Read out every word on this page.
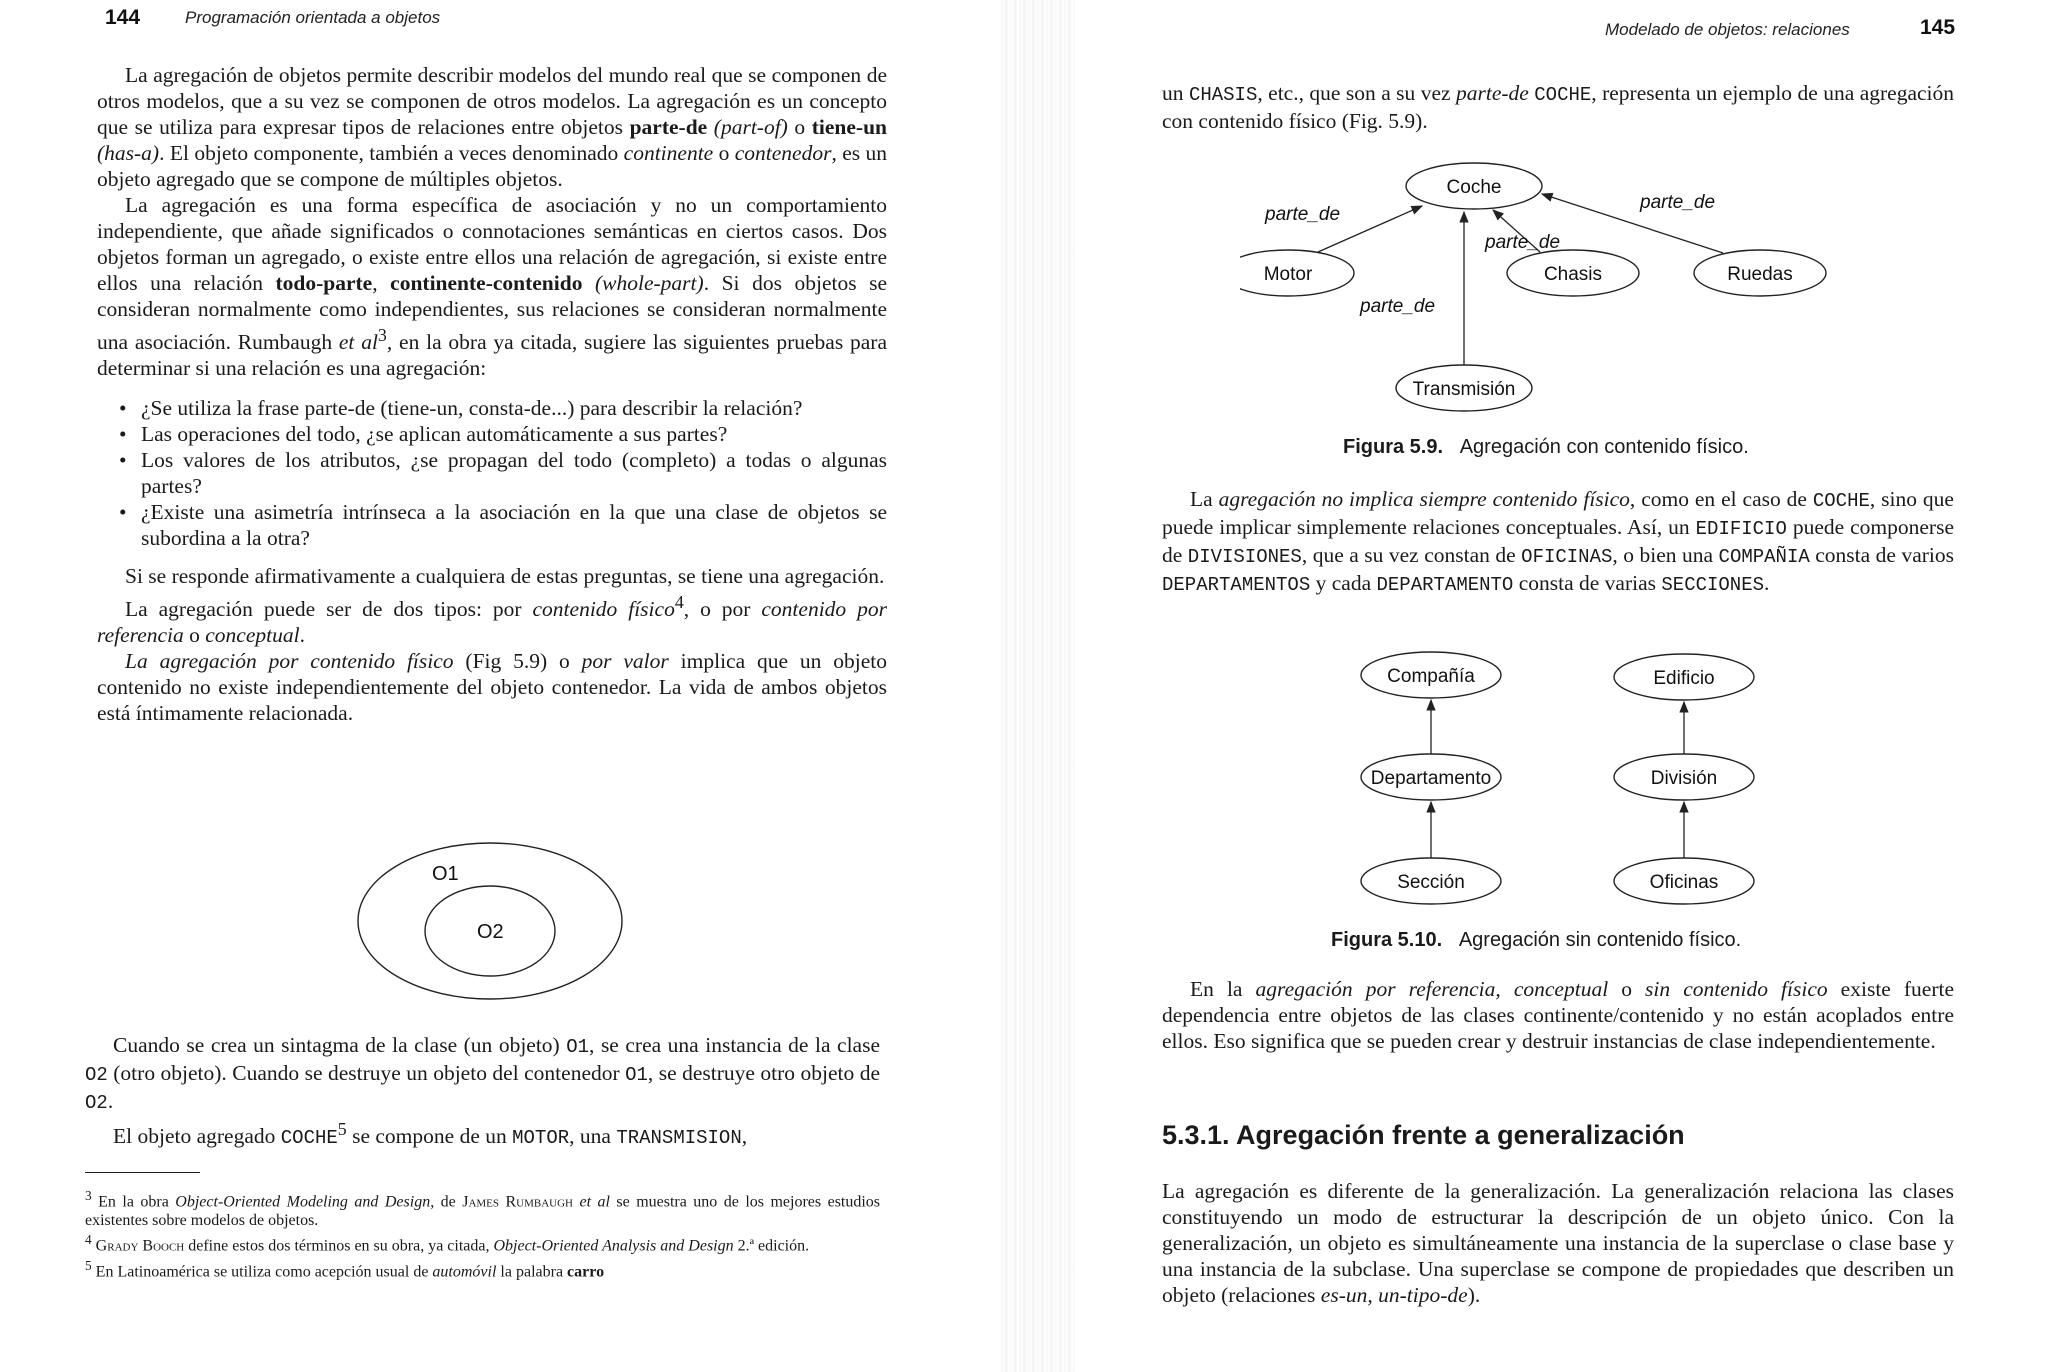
144	Programación orientada a objetos

La agregación de objetos permite describir modelos del mundo real que se componen de otros modelos, que a su vez se componen de otros modelos. La agregación es un concepto que se utiliza para expresar tipos de relaciones entre objetos parte-de (part-of) o tiene-un (has-a). El objeto componente, también a veces denominado continente o contenedor, es un objeto agregado que se compone de múltiples objetos.

La agregación es una forma específica de asociación y no un comportamiento independiente, que añade significados o connotaciones semánticas en ciertos casos. Dos objetos forman un agregado, o existe entre ellos una relación de agregación, si existe entre ellos una relación todo-parte, continente-contenido (whole-part). Si dos objetos se consideran normalmente como independientes, sus relaciones se consideran normalmente una asociación. Rumbaugh et $al^3$, en la obra ya citada, sugiere las siguientes pruebas para determinar si una relación es una agregación:

• ¿Se utiliza la frase parte-de (tiene-un, consta-de...) para describir la relación?
• Las operaciones del todo, ¿se aplican automáticamente a sus partes?
• Los valores de los atributos, ¿se propagan del todo (completo) a todas o algunas partes?
• ¿Existe una asimetría intrínseca a la asociación en la que una clase de objetos se subordina a la otra?

Si se responde afirmativamente a cualquiera de estas preguntas, se tiene una agregación.

La agregación puede ser de dos tipos: por contenido físico$^4$, o por contenido por referencia o conceptual.

La agregación por contenido físico (Fig 5.9) o por valor implica que un objeto contenido no existe independientemente del objeto contenedor. La vida de ambos objetos está íntimamente relacionada.

O1
O2

Cuando se crea un sintagma de la clase (un objeto) O1, se crea una instancia de la clase O2 (otro objeto). Cuando se destruye un objeto del contenedor O1, se destruye otro objeto de O2.

El objeto agregado COCHE$^5$ se compone de un MOTOR, una TRANSMISION,

$^3$ En la obra Object-Oriented Modeling and Design, de James Rumbaugh et al se muestra uno de los mejores estudios existentes sobre modelos de objetos.

$^4$ Grady Booch define estos dos términos en su obra, ya citada, Object-Oriented Analysis and Design 2.ª edición.

$^5$ En Latinoamérica se utiliza como acepción usual de automóvil la palabra carro

Modelado de objetos: relaciones	145

un CHASIS, etc., que son a su vez parte-de COCHE, representa un ejemplo de una agregación con contenido físico (Fig. 5.9).

Coche
Motor	Chasis	Ruedas
Transmisión
parte_de
parte_de
parte_de
parte_de
Figura 5.9. Agregación con contenido físico.

La agregación no implica siempre contenido físico, como en el caso de COCHE, sino que puede implicar simplemente relaciones conceptuales. Así, un EDIFICIO puede componerse de DIVISIONES, que a su vez constan de OFICINAS, o bien una COMPAÑIA consta de varios DEPARTAMENTOS y cada DEPARTAMENTO consta de varias SECCIONES.

Compañía
Departamento
Sección
Edificio
División
Oficinas
Figura 5.10. Agregación sin contenido físico.

En la agregación por referencia, conceptual o sin contenido físico existe fuerte dependencia entre objetos de las clases continente/contenido y no están acoplados entre ellos. Eso significa que se pueden crear y destruir instancias de clase independientemente.

5.3.1. Agregación frente a generalización

La agregación es diferente de la generalización. La generalización relaciona las clases constituyendo un modo de estructurar la descripción de un objeto único. Con la generalización, un objeto es simultáneamente una instancia de la superclase o clase base y una instancia de la subclase. Una superclase se compone de propiedades que describen un objeto (relaciones es-un, un-tipo-de).
